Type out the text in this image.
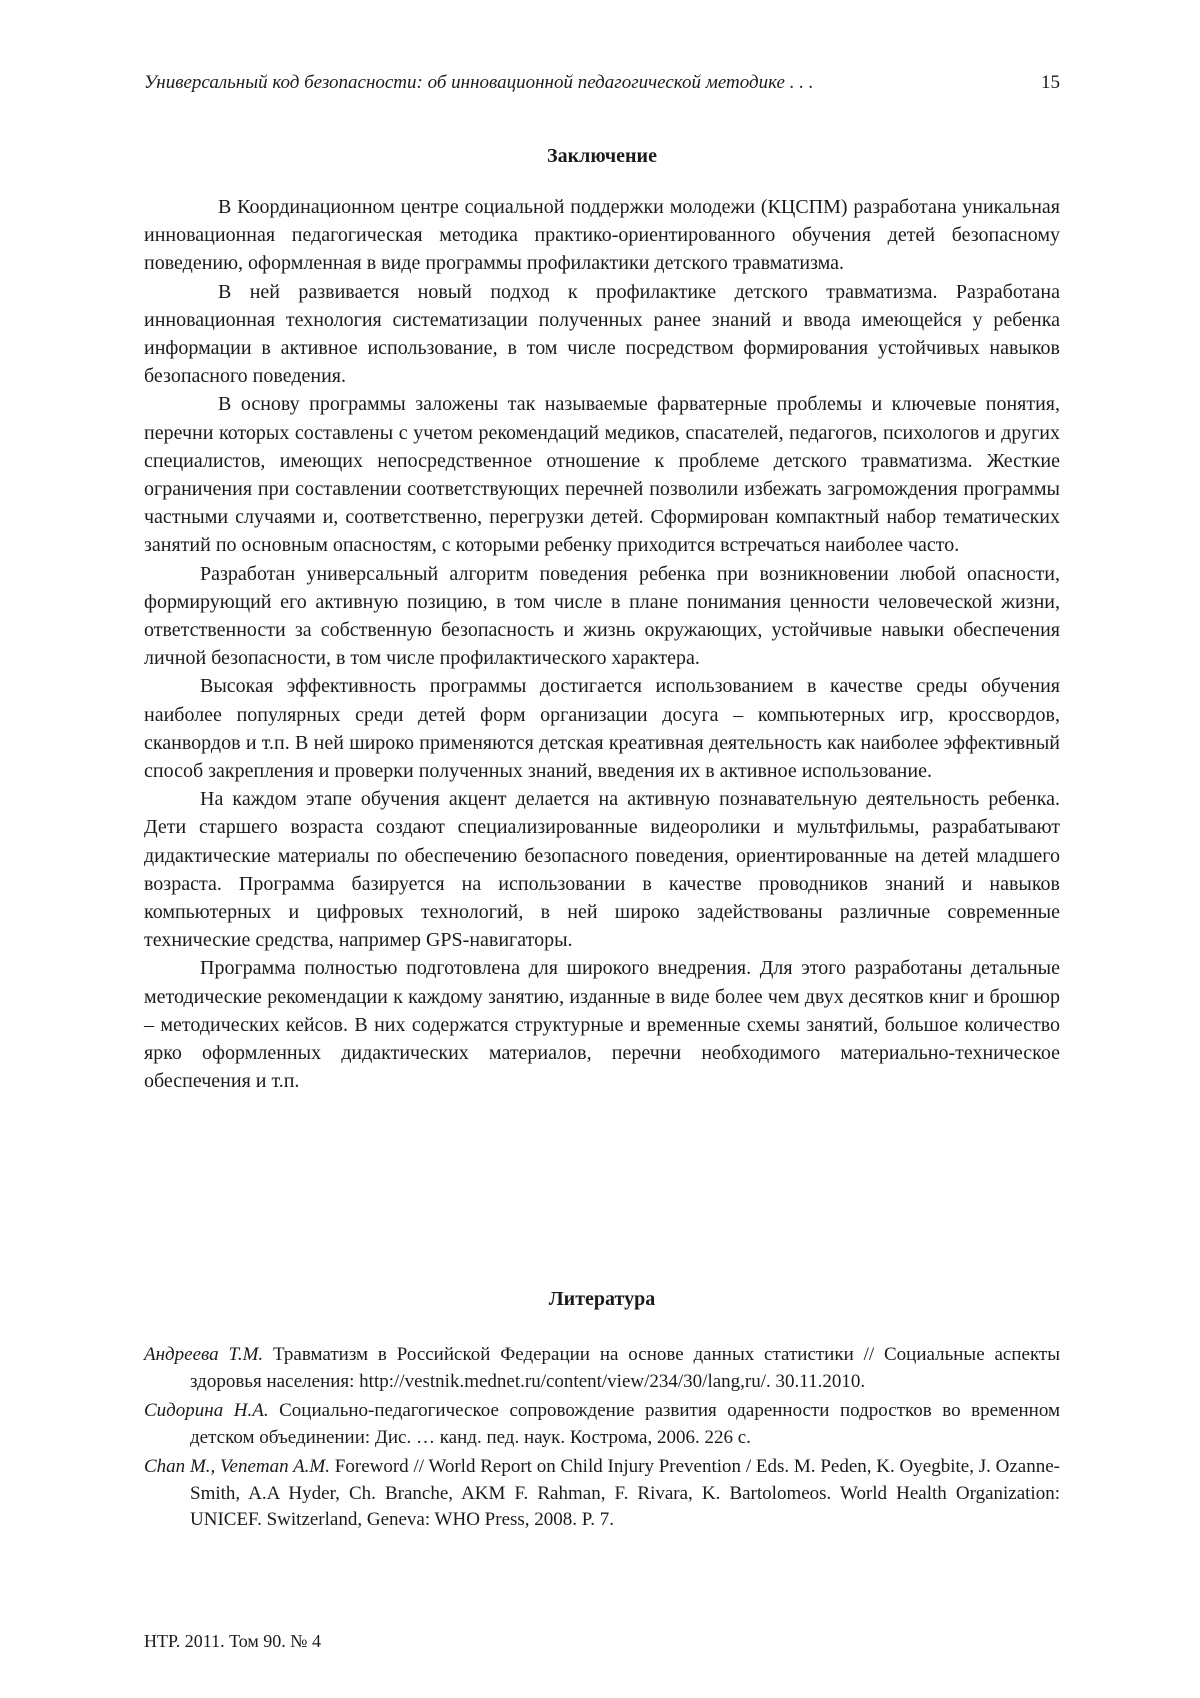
Универсальный код безопасности: об инновационной педагогической методике . . .	15
Заключение

В Координационном центре социальной поддержки молодежи (КЦСПМ) разработана уникальная инновационная педагогическая методика практико-ориентированного обучения детей безопасному поведению, оформленная в виде программы профилактики детского травматизма.

В ней развивается новый подход к профилактике детского травматизма. Разработана инновационная технология систематизации полученных ранее знаний и ввода имеющейся у ребенка информации в активное использование, в том числе посредством формирования устойчивых навыков безопасного поведения.

В основу программы заложены так называемые фарватерные проблемы и ключевые понятия, перечни которых составлены с учетом рекомендаций медиков, спасателей, педагогов, психологов и других специалистов, имеющих непосредственное отношение к проблеме детского травматизма. Жесткие ограничения при составлении соответствующих перечней позволили избежать загромождения программы частными случаями и, соответственно, перегрузки детей. Сформирован компактный набор тематических занятий по основным опасностям, с которыми ребенку приходится встречаться наиболее часто.

Разработан универсальный алгоритм поведения ребенка при возникновении любой опасности, формирующий его активную позицию, в том числе в плане понимания ценности человеческой жизни, ответственности за собственную безопасность и жизнь окружающих, устойчивые навыки обеспечения личной безопасности, в том числе профилактического характера.

Высокая эффективность программы достигается использованием в качестве среды обучения наиболее популярных среди детей форм организации досуга – компьютерных игр, кроссвордов, сканвордов и т.п. В ней широко применяются детская креативная деятельность как наиболее эффективный способ закрепления и проверки полученных знаний, введения их в активное использование.

На каждом этапе обучения акцент делается на активную познавательную деятельность ребенка. Дети старшего возраста создают специализированные видеоролики и мультфильмы, разрабатывают дидактические материалы по обеспечению безопасного поведения, ориентированные на детей младшего возраста. Программа базируется на использовании в качестве проводников знаний и навыков компьютерных и цифровых технологий, в ней широко задействованы различные современные технические средства, например GPS-навигаторы.

Программа полностью подготовлена для широкого внедрения. Для этого разработаны детальные методические рекомендации к каждому занятию, изданные в виде более чем двух десятков книг и брошюр – методических кейсов. В них содержатся структурные и временные схемы занятий, большое количество ярко оформленных дидактических материалов, перечни необходимого материально-техническое обеспечения и т.п.

Литература

Андреева Т.М. Травматизм в Российской Федерации на основе данных статистики // Социальные аспекты здоровья населения: http://vestnik.mednet.ru/content/view/234/30/lang,ru/. 30.11.2010.

Сидорина Н.А. Социально-педагогическое сопровождение развития одаренности подростков во временном детском объединении: Дис. … канд. пед. наук. Кострома, 2006. 226 с.

Chan M., Veneman A.M. Foreword // World Report on Child Injury Prevention / Eds. M. Peden, K. Oyegbite, J. Ozanne-Smith, A.A Hyder, Ch. Branche, AKM F. Rahman, F. Rivara, K. Bartolomeos. World Health Organization: UNICEF. Switzerland, Geneva: WHO Press, 2008. P. 7.

НТР. 2011. Том 90. № 4
